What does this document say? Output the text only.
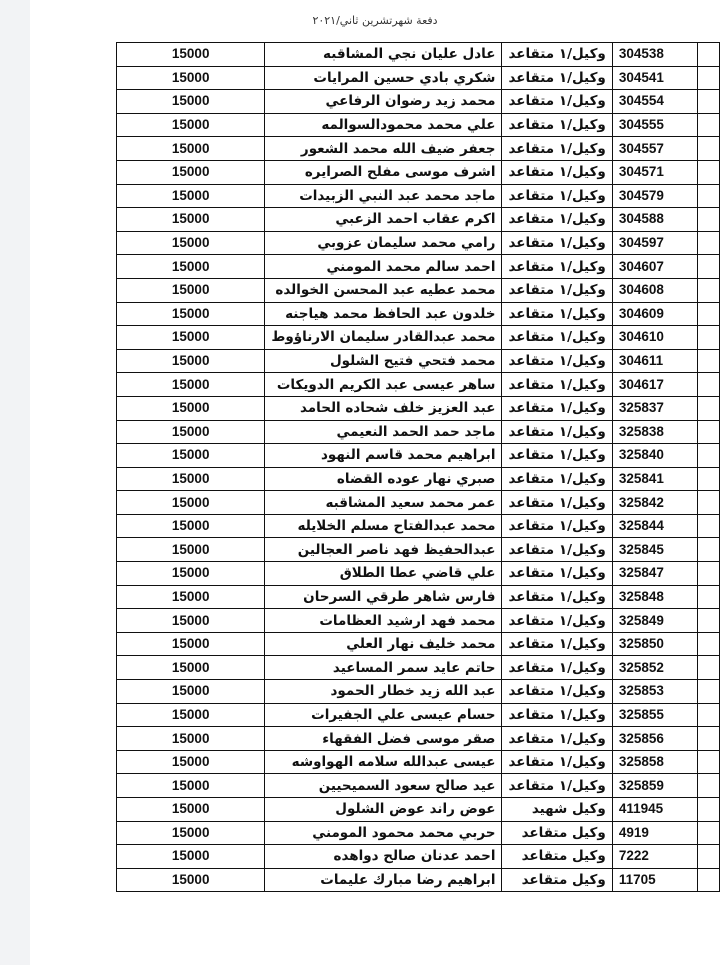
دفعة شهرتشرين ثاني/٢٠٢١
	304538	وكيل/١ متقاعد	عادل عليان نجي المشاقبه	15000
	304541	وكيل/١ متقاعد	شكري بادي حسين المرايات	15000
	304554	وكيل/١ متقاعد	محمد زيد رضوان الرفاعي	15000
	304555	وكيل/١ متقاعد	علي محمد محمودالسوالمه	15000
	304557	وكيل/١ متقاعد	جعفر ضيف الله محمد الشعور	15000
	304571	وكيل/١ متقاعد	اشرف موسى مفلح الصرايره	15000
	304579	وكيل/١ متقاعد	ماجد محمد عبد النبي الزبيدات	15000
	304588	وكيل/١ متقاعد	اكرم عقاب احمد الزعبي	15000
	304597	وكيل/١ متقاعد	رامي محمد سليمان عزوبي	15000
	304607	وكيل/١ متقاعد	احمد سالم محمد المومني	15000
	304608	وكيل/١ متقاعد	محمد عطيه عبد المحسن الخوالده	15000
	304609	وكيل/١ متقاعد	خلدون عبد الحافظ محمد هياجنه	15000
	304610	وكيل/١ متقاعد	محمد عبدالقادر سليمان الارناؤوط	15000
	304611	وكيل/١ متقاعد	محمد فتحي فتيح الشلول	15000
	304617	وكيل/١ متقاعد	ساهر عيسى عبد الكريم الدويكات	15000
	325837	وكيل/١ متقاعد	عبد العزيز خلف شحاده الحامد	15000
	325838	وكيل/١ متقاعد	ماجد حمد الحمد النعيمي	15000
	325840	وكيل/١ متقاعد	ابراهيم محمد قاسم النهود	15000
	325841	وكيل/١ متقاعد	صبري نهار عوده القضاه	15000
	325842	وكيل/١ متقاعد	عمر محمد سعيد المشاقبه	15000
	325844	وكيل/١ متقاعد	محمد عبدالفتاح مسلم الخلايله	15000
	325845	وكيل/١ متقاعد	عبدالحفيظ فهد ناصر العجالين	15000
	325847	وكيل/١ متقاعد	علي قاضي عطا الطلاق	15000
	325848	وكيل/١ متقاعد	فارس شاهر طرقي السرحان	15000
	325849	وكيل/١ متقاعد	محمد فهد ارشيد العظامات	15000
	325850	وكيل/١ متقاعد	محمد خليف نهار العلي	15000
	325852	وكيل/١ متقاعد	حاتم عايد سمر المساعيد	15000
	325853	وكيل/١ متقاعد	عبد الله زيد خطار الحمود	15000
	325855	وكيل/١ متقاعد	حسام عيسى علي الجفيرات	15000
	325856	وكيل/١ متقاعد	صقر موسى فضل الفقهاء	15000
	325858	وكيل/١ متقاعد	عيسى عبدالله سلامه الهواوشه	15000
	325859	وكيل/١ متقاعد	عيد صالح سعود السميحيين	15000
	411945	وكيل شهيد	عوض راند عوض الشلول	15000
	4919	وكيل متقاعد	حربي محمد محمود المومني	15000
	7222	وكيل متقاعد	احمد عدنان صالح دواهده	15000
	11705	وكيل متقاعد	ابراهيم رضا مبارك عليمات	15000
